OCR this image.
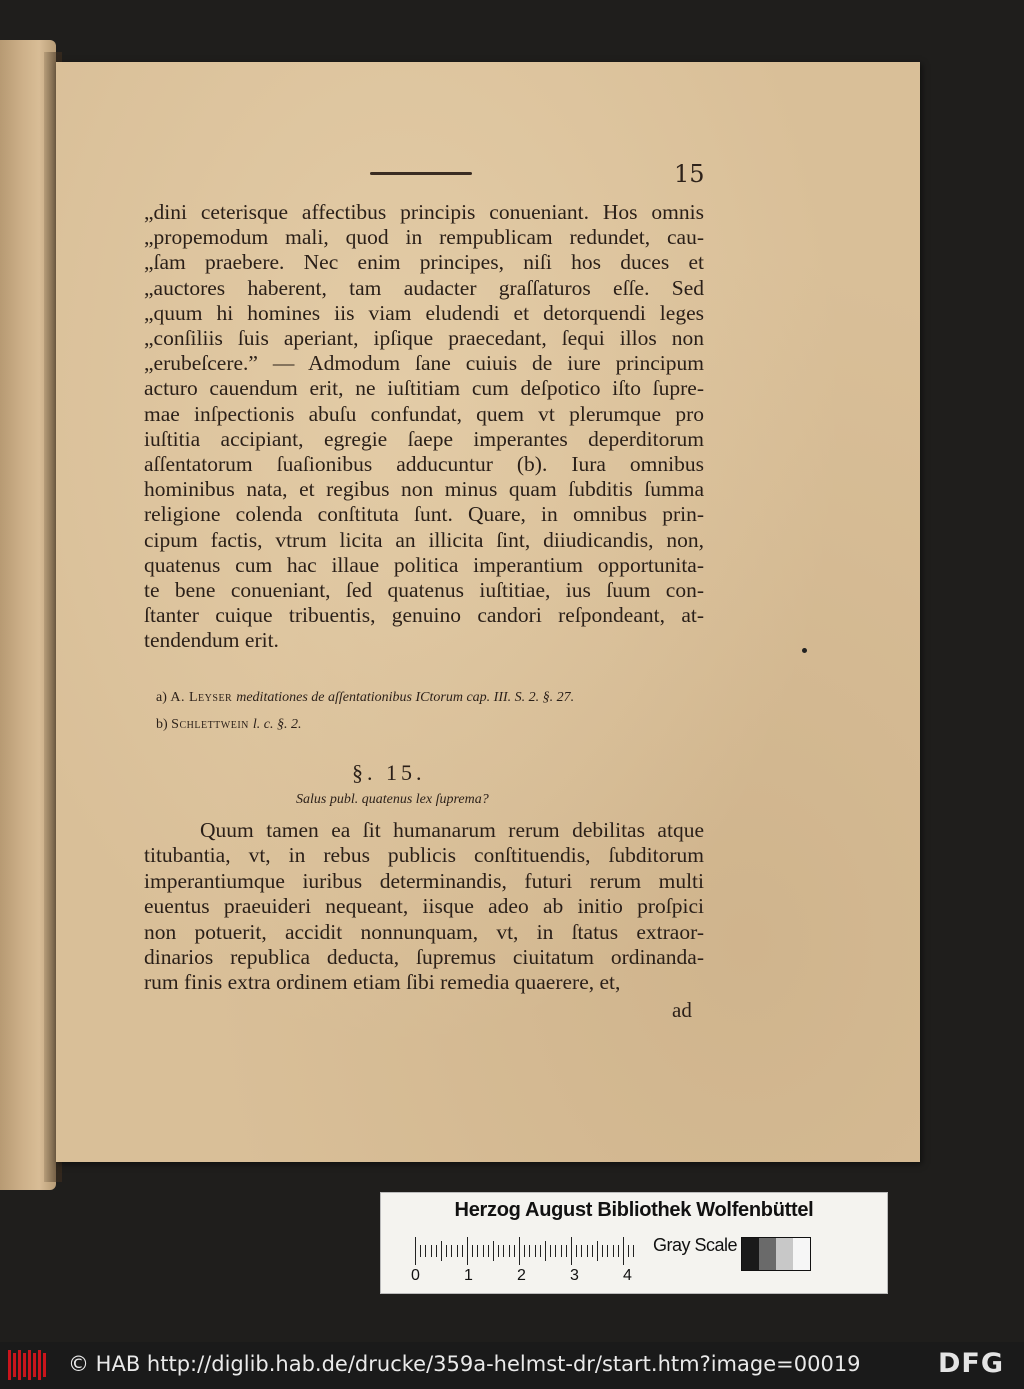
15
„dini ceterisque affectibus principis conueniant. Hos omnis
„propemodum mali, quod in rempublicam redundet, cau-
„ſam praebere. Nec enim principes, niſi hos duces et
„auctores haberent, tam audacter graſſaturos eſſe. Sed
„quum hi homines iis viam eludendi et detorquendi leges
„conſiliis ſuis aperiant, ipſique praecedant, ſequi illos non
„erubeſcere.” — Admodum ſane cuiuis de iure principum
acturo cauendum erit, ne iuſtitiam cum deſpotico iſto ſupre-
mae inſpectionis abuſu confundat, quem vt plerumque pro
iuſtitia accipiant, egregie ſaepe imperantes deperditorum
aſſentatorum ſuaſionibus adducuntur (b). Iura omnibus
hominibus nata, et regibus non minus quam ſubditis ſumma
religione colenda conſtituta ſunt. Quare, in omnibus prin-
cipum factis, vtrum licita an illicita ſint, diiudicandis, non,
quatenus cum hac illaue politica imperantium opportunita-
te bene conueniant, ſed quatenus iuſtitiae, ius ſuum con-
ſtanter cuique tribuentis, genuino candori reſpondeant, at-
tendendum erit.
a) A. Leyser meditationes de aſſentationibus ICtorum cap. III. S. 2. §. 27.
b) Schlettwein l. c. §. 2.
§. 15.
Salus publ. quatenus lex ſuprema?
Quum tamen ea ſit humanarum rerum debilitas atque
titubantia, vt, in rebus publicis conſtituendis, ſubditorum
imperantiumque iuribus determinandis, futuri rerum multi
euentus praeuideri nequeant, iisque adeo ab initio proſpici
non potuerit, accidit nonnunquam, vt, in ſtatus extraor-
dinarios republica deducta, ſupremus ciuitatum ordinanda-
rum finis extra ordinem etiam ſibi remedia quaerere, et,
ad
Herzog August Bibliothek Wolfenbüttel
0	1	2	3	4
Gray Scale
© HAB http://diglib.hab.de/drucke/359a-helmst-dr/start.htm?image=00019	DFG
